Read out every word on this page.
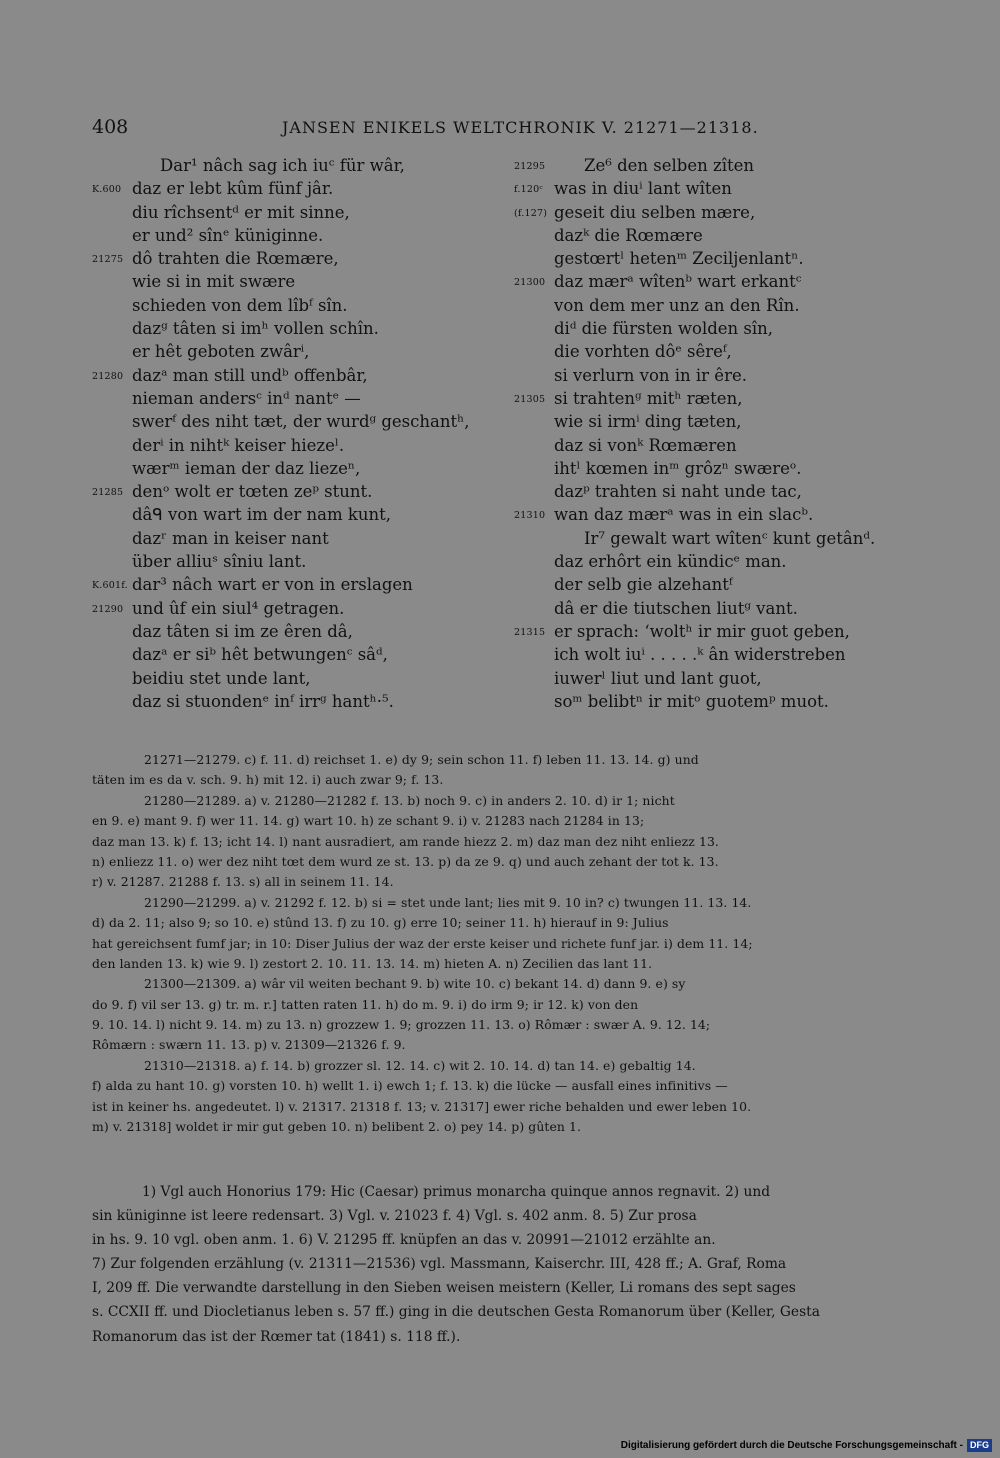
408	JANSEN ENIKELS WELTCHRONIK V. 21271—21318.
Dar¹ nâch sag ich iuᶜ für wâr,
K.600 daz er lebt kûm fünf jâr.
diu rîchsentᵈ er mit sinne,
er und² sînᵉ küniginne.
21275 dô trahten die Rœmære,
wie si in mit swære
schieden von dem lîbᶠ sîn.
dazᵍ tâten si imʰ vollen schîn.
er hêt geboten zwârⁱ,
21280 dazᵃ man still undᵇ offenbâr,
nieman andersᶜ inᵈ nantᵉ —
swerᶠ des niht tæt, der wurdᵍ geschantʰ,
derⁱ in nihtᵏ keiser hiezeˡ.
wærᵐ ieman der daz liezeⁿ,
21285 denᵒ wolt er tœten zeᵖ stunt.
dâᑫ von wart im der nam kunt,
dazʳ man in keiser nant
über alliuˢ sîniu lant.
K.601f. dar³ nâch wart er von in erslagen
21290 und ûf ein siul⁴ getragen.
daz tâten si im ze êren dâ,
dazᵃ er siᵇ hêt betwungenᶜ sâᵈ,
beidiu stet unde lant,
daz si stuondenᵉ inᶠ irrᵍ hantʰ·⁵.
21295 Ze⁶ den selben zîten
f.120ᶜ was in diuⁱ lant wîten
(f.127) geseit diu selben mære,
dazᵏ die Rœmære
gestœrtˡ hetenᵐ Zeciljenlantⁿ.
21300 daz mærᵃ wîtenᵇ wart erkantᶜ
von dem mer unz an den Rîn.
diᵈ die fürsten wolden sîn,
die vorhten dôᵉ sêreᶠ,
si verlurn von in ir êre.
21305 si trahtenᵍ mitʰ ræten,
wie si irmⁱ ding tæten,
daz si vonᵏ Rœmæren
ihtˡ kœmen inᵐ grôzⁿ swæreᵒ.
dazᵖ trahten si naht unde tac,
21310 wan daz mærᵃ was in ein slacᵇ.
Ir⁷ gewalt wart wîtenᶜ kunt getânᵈ.
daz erhôrt ein kündicᵉ man.
der selb gie alzehantᶠ
dâ er die tiutschen liutᵍ vant.
21315 er sprach: ‘woltʰ ir mir guot geben,
ich wolt iuⁱ . . . . .ᵏ ân widerstreben
iuwerˡ liut und lant guot,
soᵐ belibtⁿ ir mitᵒ guotemᵖ muot.
21271—21279. c) f. 11. d) reichset 1. e) dy 9; sein schon 11. f) leben 11. 13. 14. g) und
täten im es da v. sch. 9. h) mit 12. i) auch zwar 9; f. 13.
21280—21289. a) v. 21280—21282 f. 13. b) noch 9. c) in anders 2. 10. d) ir 1; nicht
en 9. e) mant 9. f) wer 11. 14. g) wart 10. h) ze schant 9. i) v. 21283 nach 21284 in 13;
daz man 13. k) f. 13; icht 14. l) nant ausradiert, am rande hiezz 2. m) daz man dez niht enliezz 13.
n) enliezz 11. o) wer dez niht tœt dem wurd ze st. 13. p) da ze 9. q) und auch zehant der tot k. 13.
r) v. 21287. 21288 f. 13. s) all in seinem 11. 14.
21290—21299. a) v. 21292 f. 12. b) si = stet unde lant; lies mit 9. 10 in? c) twungen 11. 13. 14.
d) da 2. 11; also 9; so 10. e) stûnd 13. f) zu 10. g) erre 10; seiner 11. h) hierauf in 9: Julius
hat gereichsent fumf jar; in 10: Diser Julius der waz der erste keiser und richete funf jar. i) dem 11. 14;
den landen 13. k) wie 9. l) zestort 2. 10. 11. 13. 14. m) hieten A. n) Zecilien das lant 11.
21300—21309. a) wâr vil weiten bechant 9. b) wite 10. c) bekant 14. d) dann 9. e) sy
do 9. f) vil ser 13. g) tr. m. r.] tatten raten 11. h) do m. 9. i) do irm 9; ir 12. k) von den
9. 10. 14. l) nicht 9. 14. m) zu 13. n) grozzew 1. 9; grozzen 11. 13. o) Rômær : swær A. 9. 12. 14;
Rômærn : swærn 11. 13. p) v. 21309—21326 f. 9.
21310—21318. a) f. 14. b) grozzer sl. 12. 14. c) wit 2. 10. 14. d) tan 14. e) gebaltig 14.
f) alda zu hant 10. g) vorsten 10. h) wellt 1. i) ewch 1; f. 13. k) die lücke — ausfall eines infinitivs —
ist in keiner hs. angedeutet. l) v. 21317. 21318 f. 13; v. 21317] ewer riche behalden und ewer leben 10.
m) v. 21318] woldet ir mir gut geben 10. n) belibent 2. o) pey 14. p) gûten 1.
1) Vgl auch Honorius 179: Hic (Caesar) primus monarcha quinque annos regnavit. 2) und
sin küniginne ist leere redensart. 3) Vgl. v. 21023 f. 4) Vgl. s. 402 anm. 8. 5) Zur prosa
in hs. 9. 10 vgl. oben anm. 1. 6) V. 21295 ff. knüpfen an das v. 20991—21012 erzählte an.
7) Zur folgenden erzählung (v. 21311—21536) vgl. Massmann, Kaiserchr. III, 428 ff.; A. Graf, Roma
I, 209 ff. Die verwandte darstellung in den Sieben weisen meistern (Keller, Li romans des sept sages
s. CCXII ff. und Diocletianus leben s. 57 ff.) ging in die deutschen Gesta Romanorum über (Keller, Gesta
Romanorum das ist der Rœmer tat (1841) s. 118 ff.).
Digitalisierung gefördert durch die Deutsche Forschungsgemeinschaft - DFG
